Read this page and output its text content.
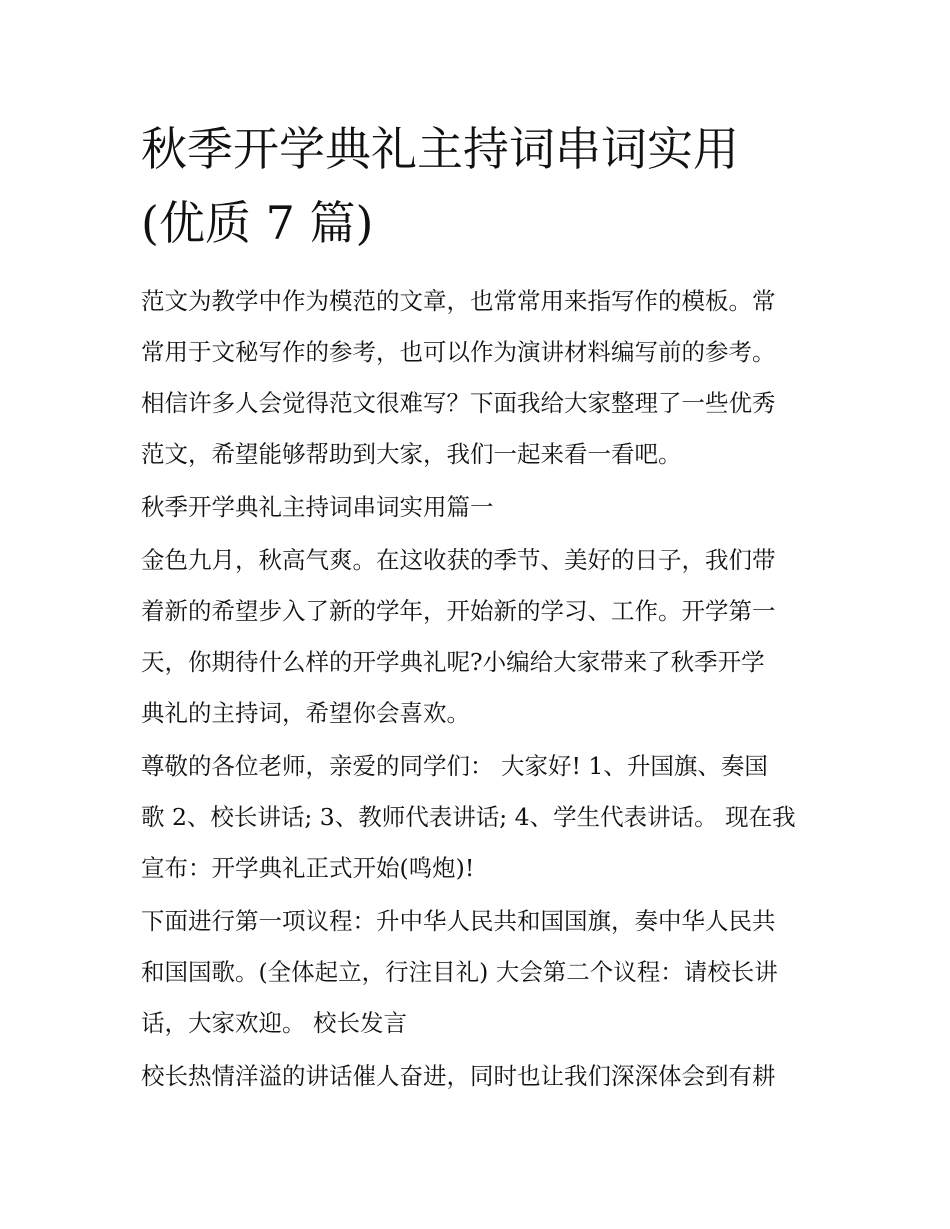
秋季开学典礼主持词串词实用
(优质 7 篇)

范文为教学中作为模范的文章，也常常用来指写作的模板。常
常用于文秘写作的参考，也可以作为演讲材料编写前的参考。
相信许多人会觉得范文很难写？下面我给大家整理了一些优秀
范文，希望能够帮助到大家，我们一起来看一看吧。

秋季开学典礼主持词串词实用篇一

金色九月，秋高气爽。在这收获的季节、美好的日子，我们带
着新的希望步入了新的学年，开始新的学习、工作。开学第一
天，你期待什么样的开学典礼呢?小编给大家带来了秋季开学
典礼的主持词，希望你会喜欢。

尊敬的各位老师，亲爱的同学们： 大家好! 1、升国旗、奏国
歌 2、校长讲话; 3、教师代表讲话; 4、学生代表讲话。 现在我
宣布：开学典礼正式开始(鸣炮)!

下面进行第一项议程：升中华人民共和国国旗，奏中华人民共
和国国歌。(全体起立，行注目礼) 大会第二个议程：请校长讲
话，大家欢迎。 校长发言

校长热情洋溢的讲话催人奋进，同时也让我们深深体会到有耕
